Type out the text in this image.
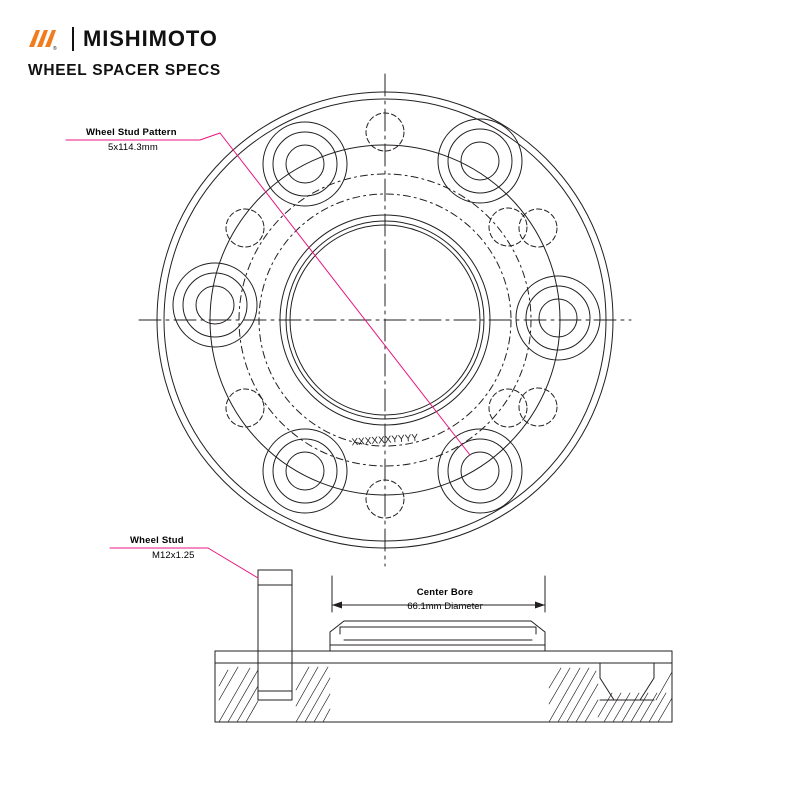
® MISHIMOTO
WHEEL SPACER SPECS
Wheel Stud Pattern
5x114.3mm
Wheel Stud
M12x1.25
Center Bore
66.1mm Diameter
XXXXXXYYYY
